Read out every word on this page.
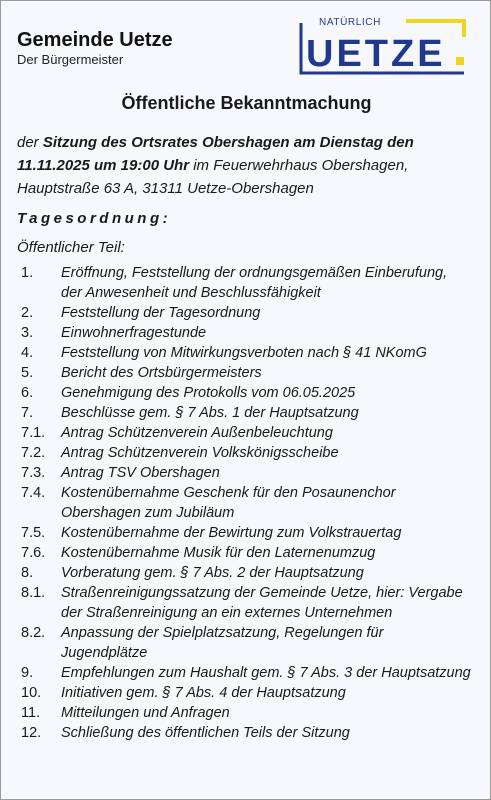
Gemeinde Uetze
Der Bürgermeister
NATÜRLICH
UETZE
Öffentliche Bekanntmachung
der Sitzung des Ortsrates Obershagen am Dienstag den 11.11.2025 um 19:00 Uhr im Feuerwehrhaus Obershagen, Hauptstraße 63 A, 31311 Uetze-Obershagen
Tagesordnung:
Öffentlicher Teil:
1.	Eröffnung, Feststellung der ordnungsgemäßen Einberufung, der Anwesenheit und Beschlussfähigkeit
2.	Feststellung der Tagesordnung
3.	Einwohnerfragestunde
4.	Feststellung von Mitwirkungsverboten nach § 41 NKomG
5.	Bericht des Ortsbürgermeisters
6.	Genehmigung des Protokolls vom 06.05.2025
7.	Beschlüsse gem. § 7 Abs. 1 der Hauptsatzung
7.1.	Antrag Schützenverein Außenbeleuchtung
7.2.	Antrag Schützenverein Volkskönigsscheibe
7.3.	Antrag TSV Obershagen
7.4.	Kostenübernahme Geschenk für den Posaunenchor Obershagen zum Jubiläum
7.5.	Kostenübernahme der Bewirtung zum Volkstrauertag
7.6.	Kostenübernahme Musik für den Laternenumzug
8.	Vorberatung gem. § 7 Abs. 2 der Hauptsatzung
8.1.	Straßenreinigungssatzung der Gemeinde Uetze, hier: Vergabe der Straßenreinigung an ein externes Unternehmen
8.2.	Anpassung der Spielplatzsatzung, Regelungen für Jugendplätze
9.	Empfehlungen zum Haushalt gem. § 7 Abs. 3 der Hauptsatzung
10.	Initiativen gem. § 7 Abs. 4 der Hauptsatzung
11.	Mitteilungen und Anfragen
12.	Schließung des öffentlichen Teils der Sitzung
